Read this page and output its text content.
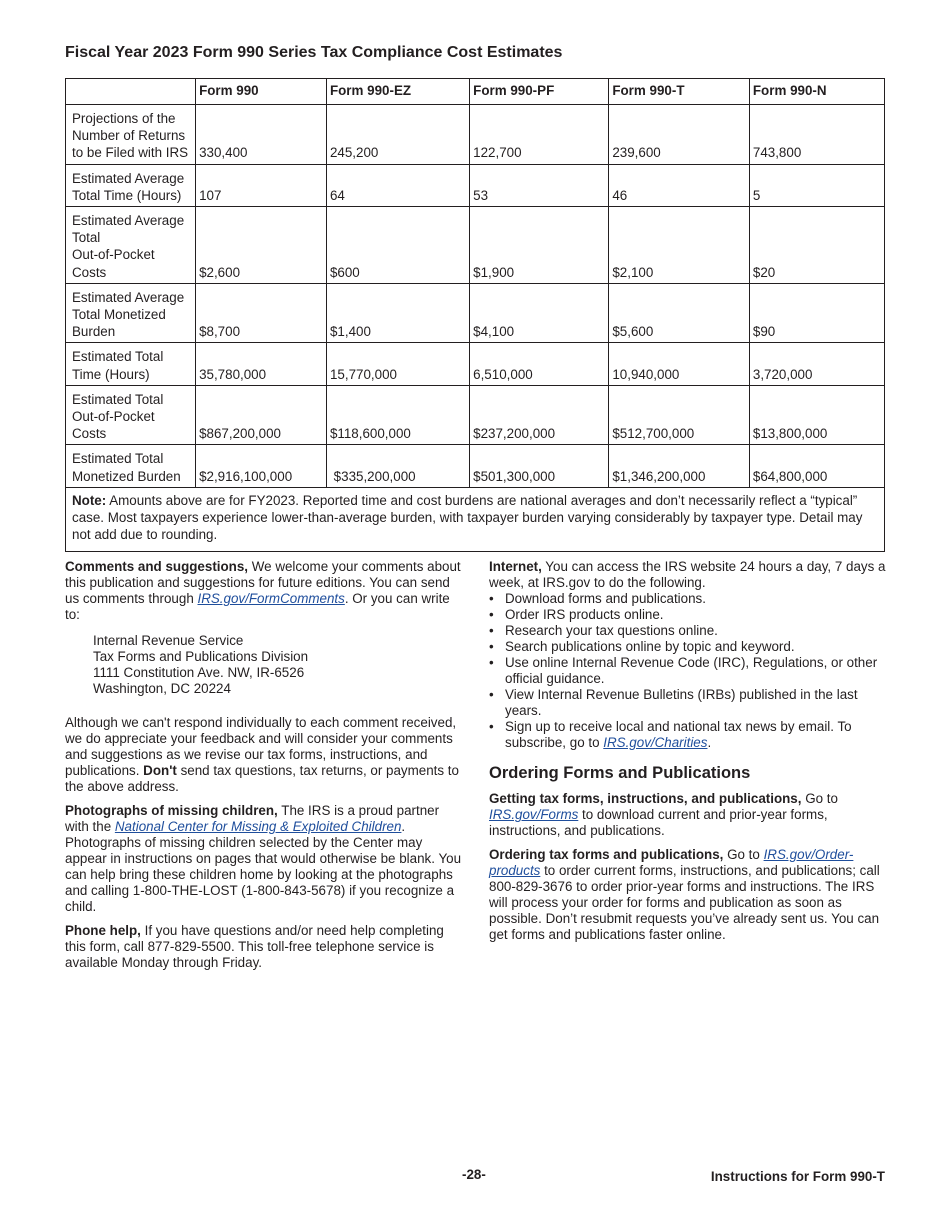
Fiscal Year 2023 Form 990 Series Tax Compliance Cost Estimates
	Form 990	Form 990-EZ	Form 990-PF	Form 990-T	Form 990-N

Projections of the
Number of Returns
to be Filed with IRS	330,400	245,200	122,700	239,600	743,800

Estimated Average
Total Time (Hours)	107	64	53	46	5

Estimated Average
Total
Out-of-Pocket
Costs	$2,600	$600	$1,900	$2,100	$20

Estimated Average
Total Monetized
Burden	$8,700	$1,400	$4,100	$5,600	$90

Estimated Total
Time (Hours)	35,780,000	15,770,000	6,510,000	10,940,000	3,720,000

Estimated Total
Out-of-Pocket
Costs	$867,200,000	$118,600,000	$237,200,000	$512,700,000	$13,800,000

Estimated Total
Monetized Burden	$2,916,100,000	$335,200,000	$501,300,000	$1,346,200,000	$64,800,000
Note: Amounts above are for FY2023. Reported time and cost burdens are national averages and don’t necessarily reflect a “typical” case. Most taxpayers experience lower-than-average burden, with taxpayer burden varying considerably by taxpayer type. Detail may not add due to rounding.					

Comments and suggestions, We welcome your comments about this publication and suggestions for future editions. You can send us comments through IRS.gov/FormComments. Or you can write to:

Internal Revenue Service
Tax Forms and Publications Division
1111 Constitution Ave. NW, IR-6526
Washington, DC 20224

Although we can't respond individually to each comment received, we do appreciate your feedback and will consider your comments and suggestions as we revise our tax forms, instructions, and publications. Don't send tax questions, tax returns, or payments to the above address.

Photographs of missing children, The IRS is a proud partner with the National Center for Missing & Exploited Children. Photographs of missing children selected by the Center may appear in instructions on pages that would otherwise be blank. You can help bring these children home by looking at the photographs and calling 1-800-THE-LOST (1-800-843-5678) if you recognize a child.

Phone help, If you have questions and/or need help completing this form, call 877-829-5500. This toll-free telephone service is available Monday through Friday.

Internet, You can access the IRS website 24 hours a day, 7 days a week, at IRS.gov to do the following.

• Download forms and publications.
• Order IRS products online.
• Research your tax questions online.
• Search publications online by topic and keyword.
• Use online Internal Revenue Code (IRC), Regulations, or other official guidance.
• View Internal Revenue Bulletins (IRBs) published in the last years.
• Sign up to receive local and national tax news by email. To subscribe, go to IRS.gov/Charities.
Ordering Forms and Publications

Getting tax forms, instructions, and publications, Go to IRS.gov/Forms to download current and prior-year forms, instructions, and publications.

Ordering tax forms and publications, Go to IRS.gov/Order-products to order current forms, instructions, and publications; call 800-829-3676 to order prior-year forms and instructions. The IRS will process your order for forms and publication as soon as possible. Don’t resubmit requests you’ve already sent us. You can get forms and publications faster online.

-28-	Instructions for Form 990-T
